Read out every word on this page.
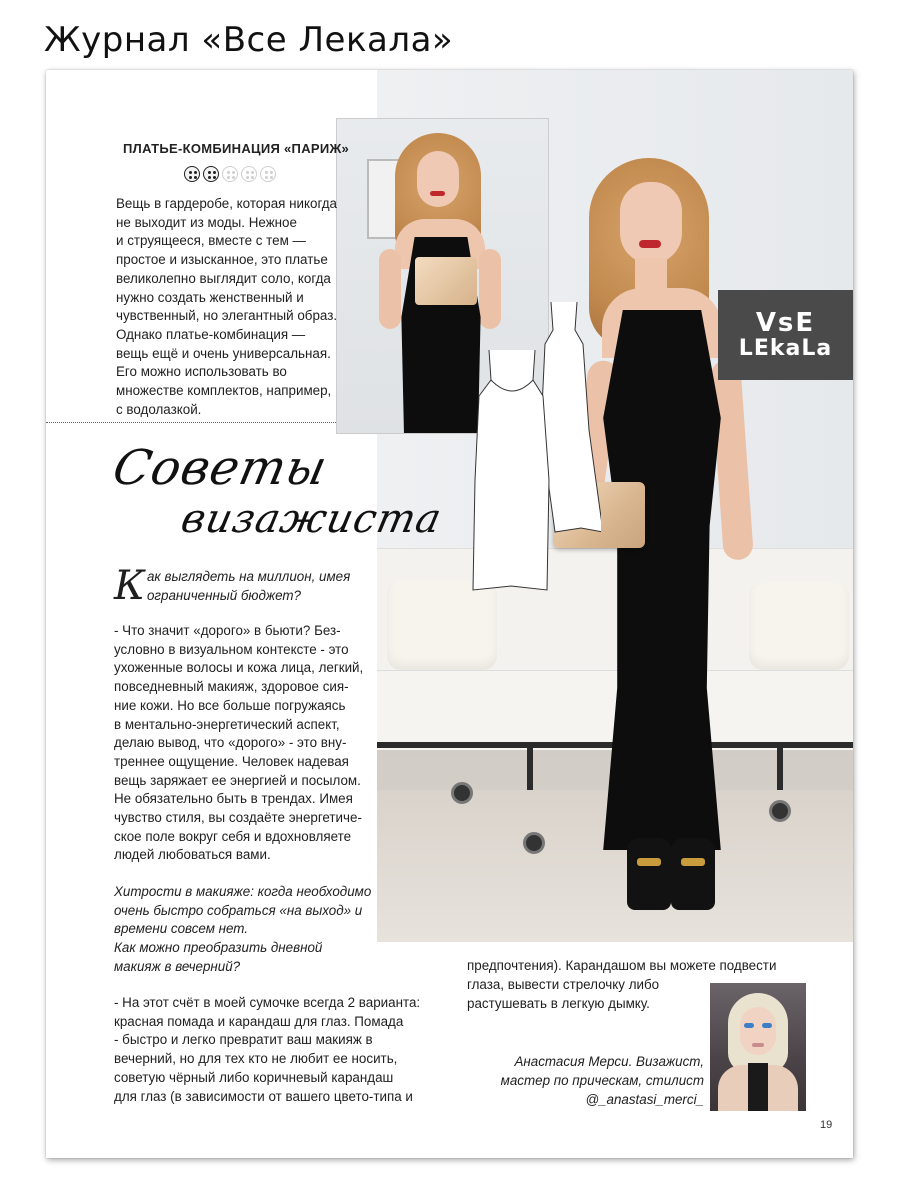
Журнал «Все Лекала»
VsE
LEkaLa
ПЛАТЬЕ-КОМБИНАЦИЯ «ПАРИЖ»
Вещь в гардеробе, которая никогда
не выходит из моды. Нежное
и струящееся, вместе с тем —
простое и изысканное, это платье
великолепно выглядит соло, когда
нужно создать женственный и
чувственный, но элегантный образ.
Однако платье-комбинация —
вещь ещё и очень универсальная.
Его можно использовать во
множестве комплектов, например,
с водолазкой.
Советы
визажиста
Как выглядеть на миллион, имея ограниченный бюджет?
- Что значит «дорого» в бьюти? Без-
условно в визуальном контексте - это
ухоженные волосы и кожа лица, легкий,
повседневный макияж, здоровое сия-
ние кожи. Но все больше погружаясь
в ментально-энергетический аспект,
делаю вывод, что «дорого» - это вну-
треннее ощущение. Человек надевая
вещь заряжает ее энергией и посылом.
Не обязательно быть в трендах. Имея
чувство стиля, вы создаёте энергетиче-
ское поле вокруг себя и вдохновляете
людей любоваться вами.
Хитрости в макияже: когда необходимо
очень быстро собраться «на выход» и
времени совсем нет.
Как можно преобразить дневной
макияж в вечерний?
- На этот счёт в моей сумочке всегда 2 варианта:
красная помада и карандаш для глаз. Помада
- быстро и легко превратит ваш макияж в
вечерний, но для тех кто не любит ее носить,
советую чёрный либо коричневый карандаш
для глаз (в зависимости от вашего цвето-типа и
предпочтения). Карандашом вы можете подвести
глаза, вывести стрелочку либо
растушевать в легкую дымку.
Анастасия Мерси. Визажист,
мастер по прическам, стилист
@_anastasi_merci_
19
